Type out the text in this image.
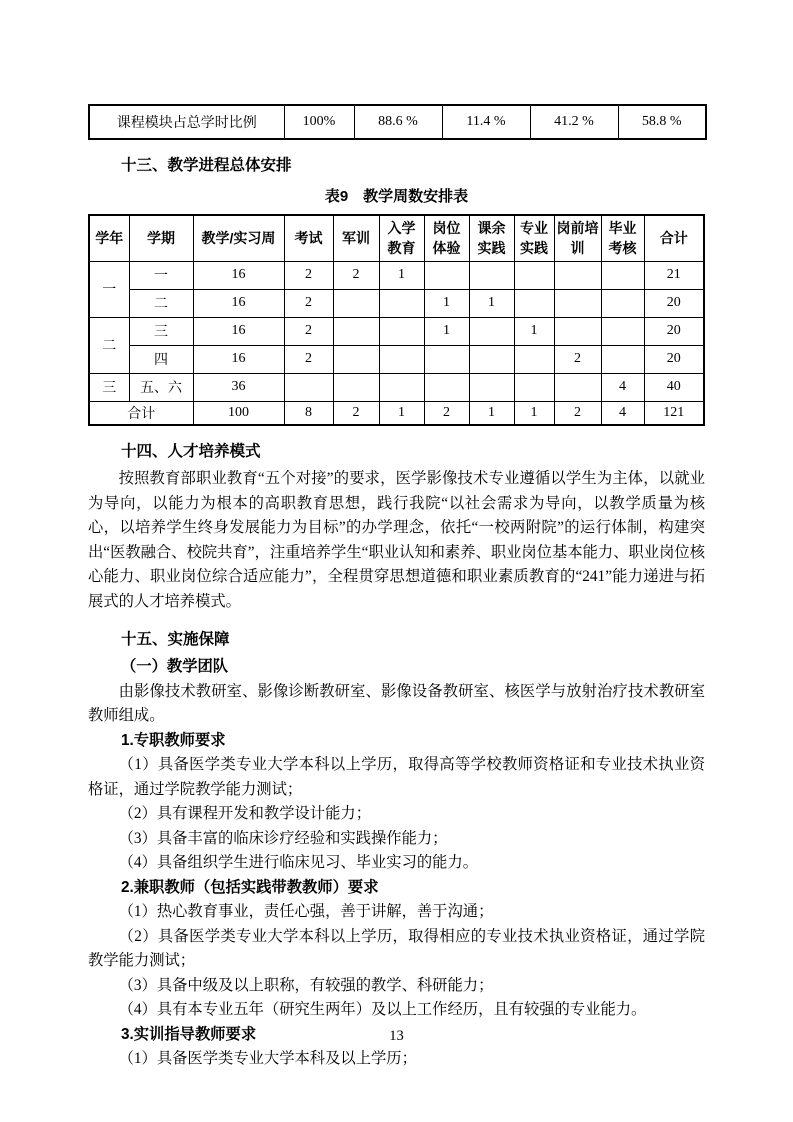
课程模块占总学时比例	100%	88.6 %	11.4 %	41.2 %	58.8 %
十三、教学进程总体安排
表9　教学周数安排表
学年	学期	教学/实习周	考试	军训	入学教育	岗位体验	课余实践	专业实践	岗前培训	毕业考核	合计
一	一	16	2	2	1						21
	二	16	2			1	1				20
二	三	16	2			1		1			20
	四	16	2						2		20
三	五、六	36								4	40
合计		100	8	2	1	2	1	1	2	4	121
十四、人才培养模式

按照教育部职业教育“五个对接”的要求，医学影像技术专业遵循以学生为主体，以就业为导向，以能力为根本的高职教育思想，践行我院“以社会需求为导向，以教学质量为核心，以培养学生终身发展能力为目标”的办学理念，依托“一校两附院”的运行体制，构建突出“医教融合、校院共育”，注重培养学生“职业认知和素养、职业岗位基本能力、职业岗位核心能力、职业岗位综合适应能力”，全程贯穿思想道德和职业素质教育的“241”能力递进与拓展式的人才培养模式。

十五、实施保障

（一）教学团队

由影像技术教研室、影像诊断教研室、影像设备教研室、核医学与放射治疗技术教研室教师组成。

1.专职教师要求

（1）具备医学类专业大学本科以上学历，取得高等学校教师资格证和专业技术执业资格证，通过学院教学能力测试；

（2）具有课程开发和教学设计能力；

（3）具备丰富的临床诊疗经验和实践操作能力；

（4）具备组织学生进行临床见习、毕业实习的能力。

2.兼职教师（包括实践带教教师）要求

（1）热心教育事业，责任心强，善于讲解，善于沟通；

（2）具备医学类专业大学本科以上学历，取得相应的专业技术执业资格证，通过学院教学能力测试；

（3）具备中级及以上职称，有较强的教学、科研能力；

（4）具有本专业五年（研究生两年）及以上工作经历，且有较强的专业能力。

3.实训指导教师要求

（1）具备医学类专业大学本科及以上学历；

13
